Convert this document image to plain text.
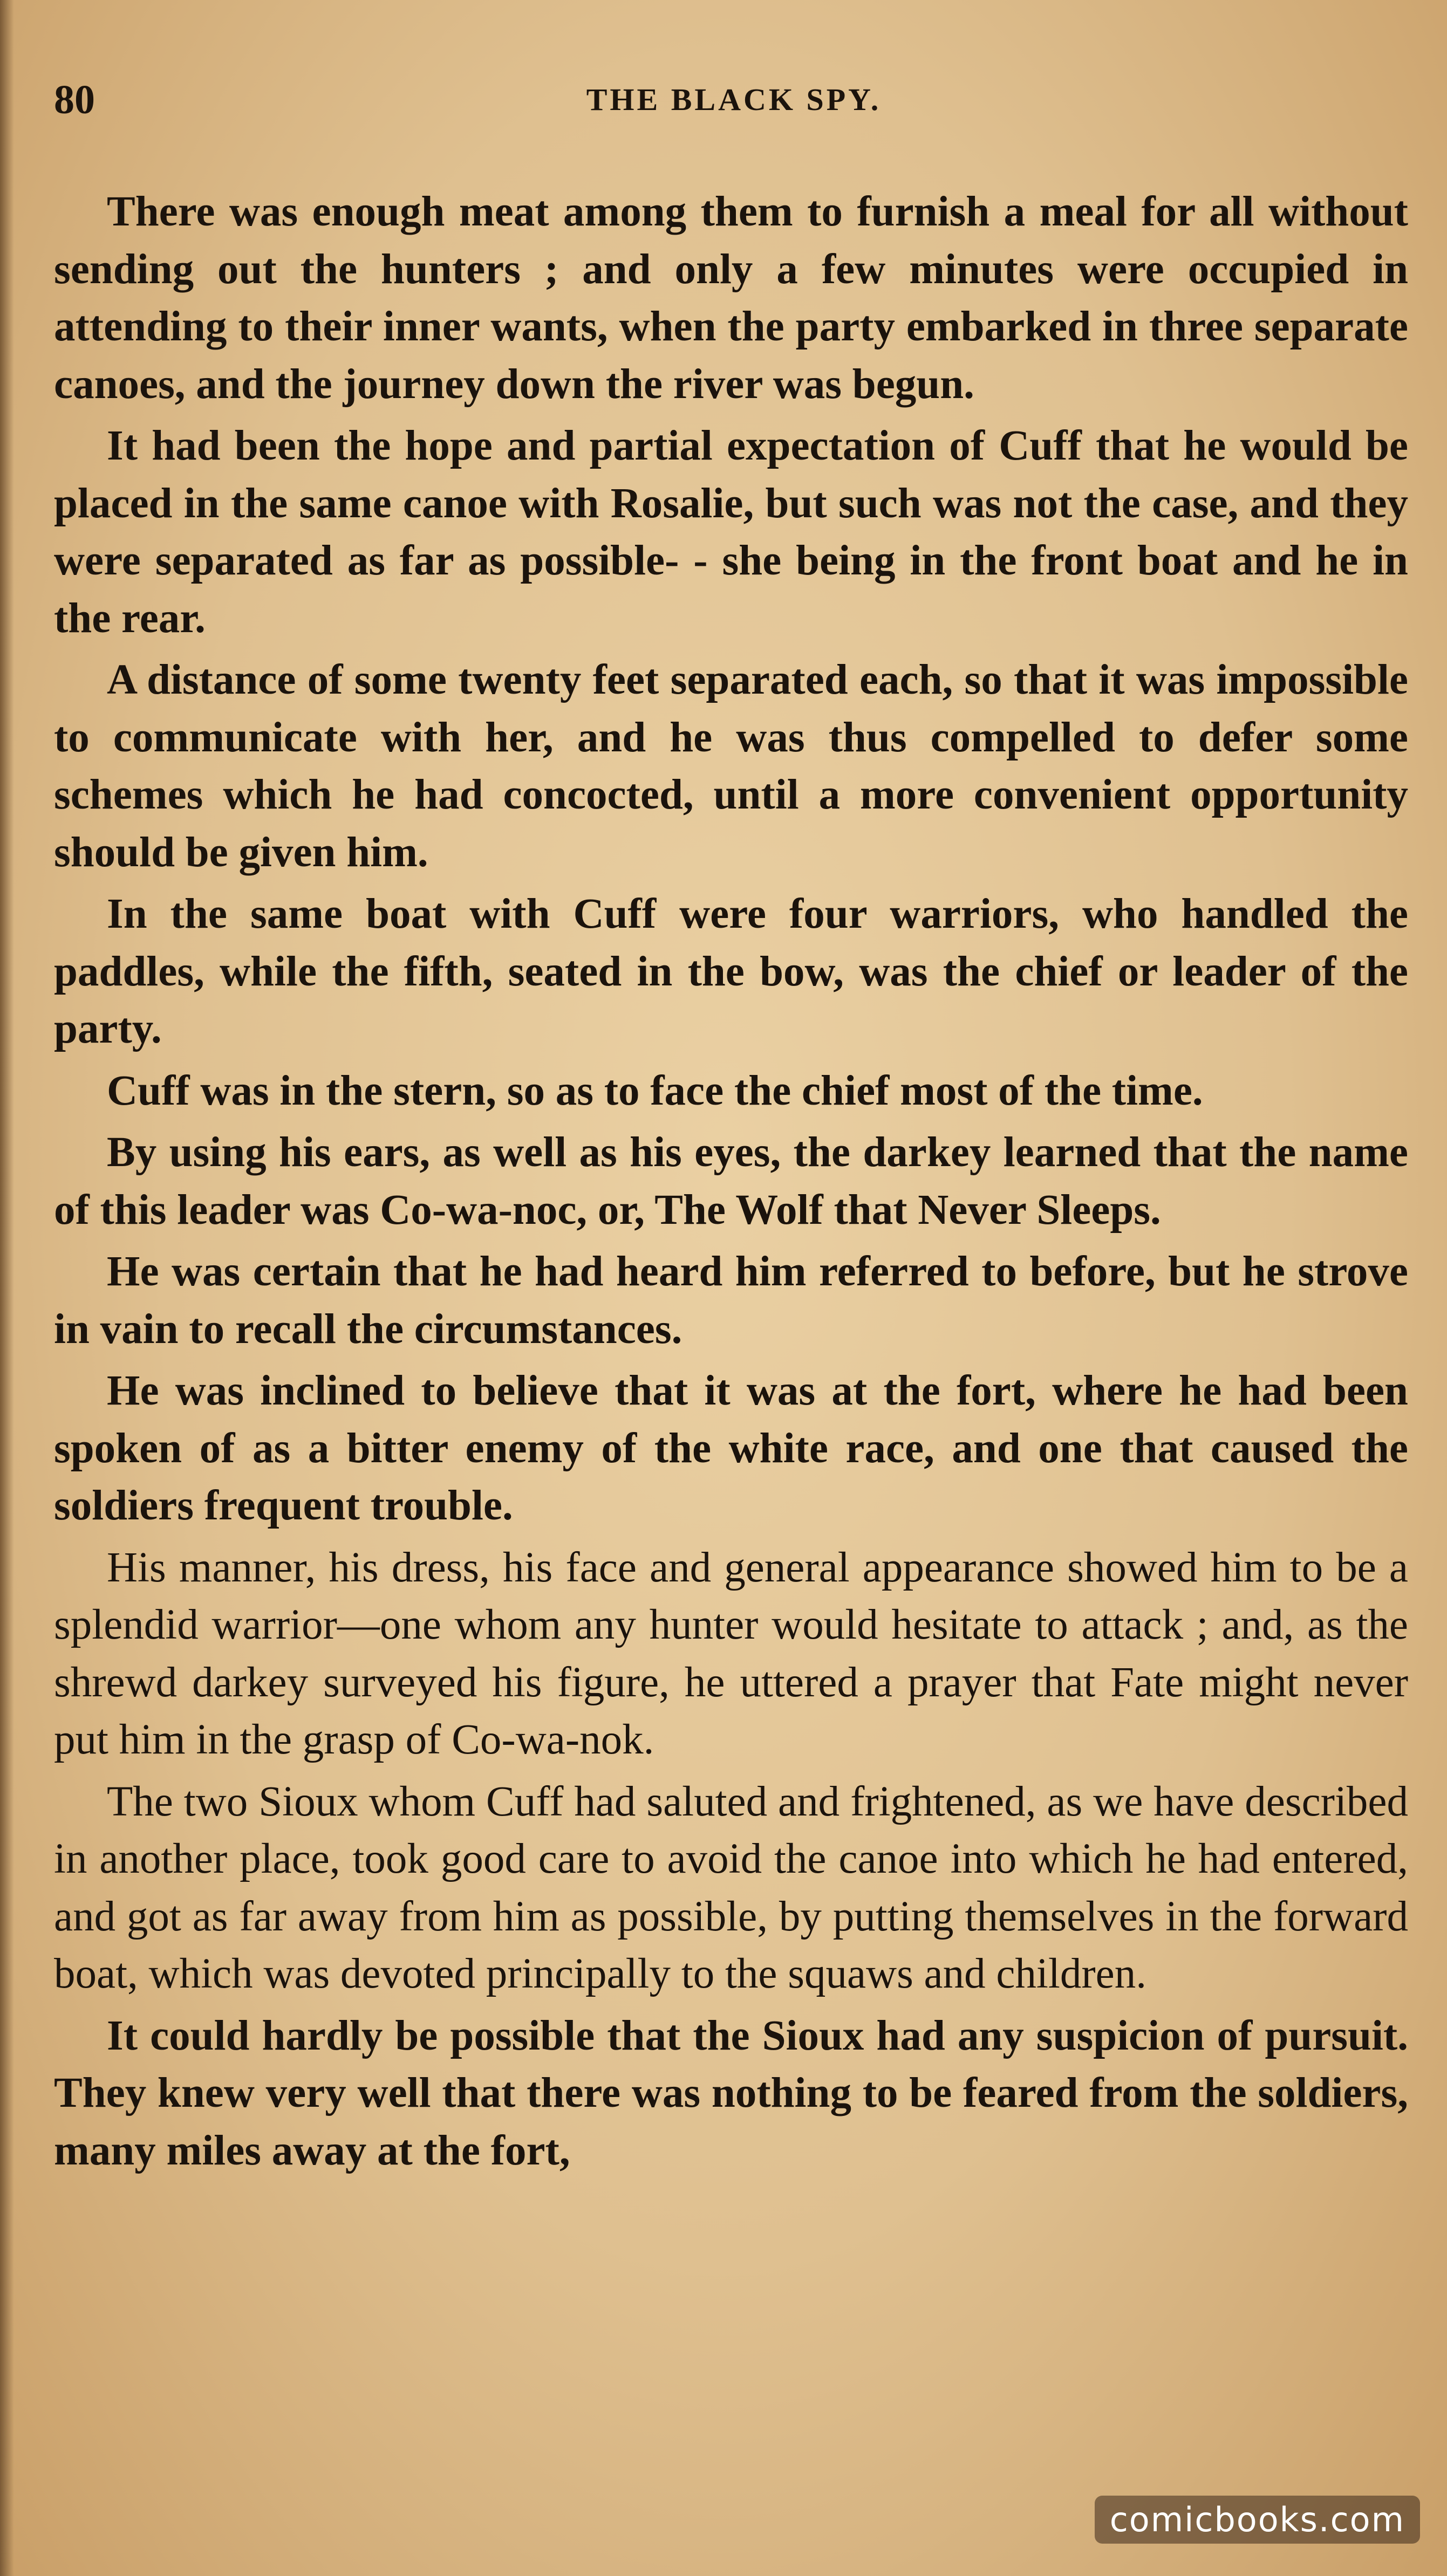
80	THE BLACK SPY.

There was enough meat among them to furnish a meal for all without sending out the hunters ; and only a few minutes were occupied in attending to their inner wants, when the party embarked in three separate canoes, and the journey down the river was begun.

It had been the hope and partial expectation of Cuff that he would be placed in the same canoe with Rosalie, but such was not the case, and they were separated as far as possible- - she being in the front boat and he in the rear.

A distance of some twenty feet separated each, so that it was impossible to communicate with her, and he was thus compelled to defer some schemes which he had concocted, until a more convenient opportunity should be given him.

In the same boat with Cuff were four warriors, who handled the paddles, while the fifth, seated in the bow, was the chief or leader of the party.

Cuff was in the stern, so as to face the chief most of the time.

By using his ears, as well as his eyes, the darkey learned that the name of this leader was Co-wa-noc, or, The Wolf that Never Sleeps.

He was certain that he had heard him referred to before, but he strove in vain to recall the circumstances.

He was inclined to believe that it was at the fort, where he had been spoken of as a bitter enemy of the white race, and one that caused the soldiers frequent trouble.

His manner, his dress, his face and general appearance showed him to be a splendid warrior—one whom any hunter would hesitate to attack ; and, as the shrewd darkey surveyed his figure, he uttered a prayer that Fate might never put him in the grasp of Co-wa-nok.

The two Sioux whom Cuff had saluted and frightened, as we have described in another place, took good care to avoid the canoe into which he had entered, and got as far away from him as possible, by putting themselves in the forward boat, which was devoted principally to the squaws and children.

It could hardly be possible that the Sioux had any suspicion of pursuit. They knew very well that there was nothing to be feared from the soldiers, many miles away at the fort,

comicbooks.com
